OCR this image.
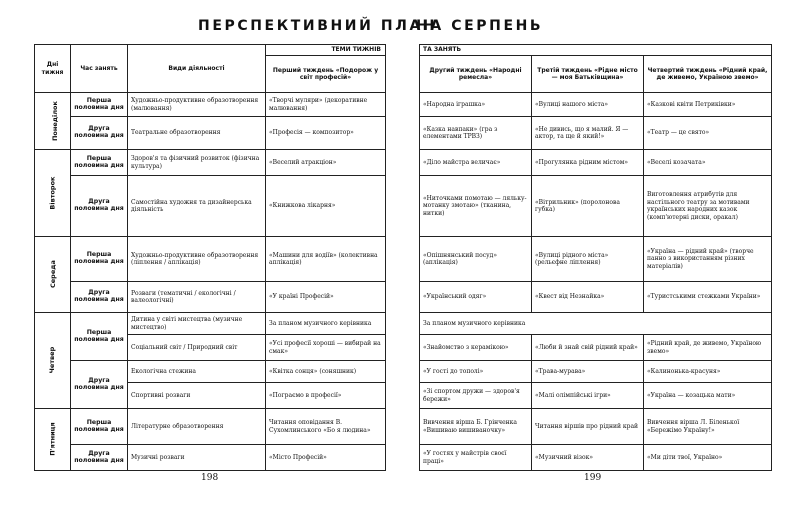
ПЕРСПЕКТИВНИЙ ПЛАН
НА СЕРПЕНЬ
Дні тижня	Час занять	Види діяльності	ТЕМИ ТИЖНІВ
			Перший тиждень «Подорож у світ професій»
Понеділок	Перша половина дня	Художньо-продуктивне образотворення (малювання)	«Творчі муляри» (декоративне малювання)
	Друга половина дня	Театральне образотворення	«Професія — композитор»
Вівторок	Перша половина дня	Здоров'я та фізичний розвиток (фізична культура)	«Веселий атракціон»
	Друга половина дня	Самостійна художня та дизайнерська діяльність	«Книжкова лікарня»
Середа	Перша половина дня	Художньо-продуктивне образотворення (ліплення / аплікація)	«Машини для водіїв» (колективна аплікація)
	Друга половина дня	Розваги (тематичні / екологічні / валеологічні)	«У країні Професій»
Четвер	Перша половина дня	Дитина у світі мистецтва (музичне мистецтво)	За планом музичного керівника
		Соціальний світ / Природний світ	«Усі професії хороші — вибирай на смак»
	Друга половина дня	Екологічна стежина	«Квітка сонця» (соняшник)
		Спортивні розваги	«Пограємо в професії»
П'ятниця	Перша половина дня	Літературне образотворення	Читання оповідання В. Сухомлинського «Бо я людина»
	Друга половина дня	Музичні розваги	«Місто Професій»
ТА ЗАНЯТЬ		
Другий тиждень «Народні ремесла»	Третій тиждень «Рідне місто — моя Батьківщина»	Четвертий тиждень «Рідний край, де живемо, Україною звемо»
«Народна іграшка»	«Вулиці нашого міста»	«Казкові квіти Петриківки»
«Казка навпаки» (гра з елементами ТРВЗ)	«Не дивись, що я малий. Я — актор, та ще й який!»	«Театр — це свято»
«Діло майстра величає»	«Прогулянка рідним містом»	«Веселі козачата»
«Ниточками помотаю — ляльку-мотанку змотаю» (тканина, нитки)	«Вітрильник» (поролонова губка)	Виготовлення атрибутів для настільного театру за мотивами українських народних казок (комп'ютерні диски, оракал)
«Опішнянський посуд» (аплікація)	«Вулиці рідного міста» (рельєфне ліплення)	«Україна — рідний край» (творче панно з використанням різних матеріалів)
«Український одяг»	«Квест від Незнайка»	«Туристськими стежками України»
За планом музичного керівника		
«Знайомство з керамікою»	«Люби й знай свій рідний край»	«Рідний край, де живемо, Україною звемо»
«У гості до тополі»	«Трава-мурава»	«Калинонька-красуня»
«Зі спортом дружи — здоров'я бережи»	«Малі олімпійські ігри»	«Україна — козацька мати»
Вивчення вірша Б. Грінченка «Вишиваю вишиваночку»	Читання віршів про рідний край	Вивчення вірша Л. Біленької «Бережімо Україну!»
«У гостях у майстрів своєї праці»	«Музичний візок»	«Ми діти твої, Україно»
198	199
